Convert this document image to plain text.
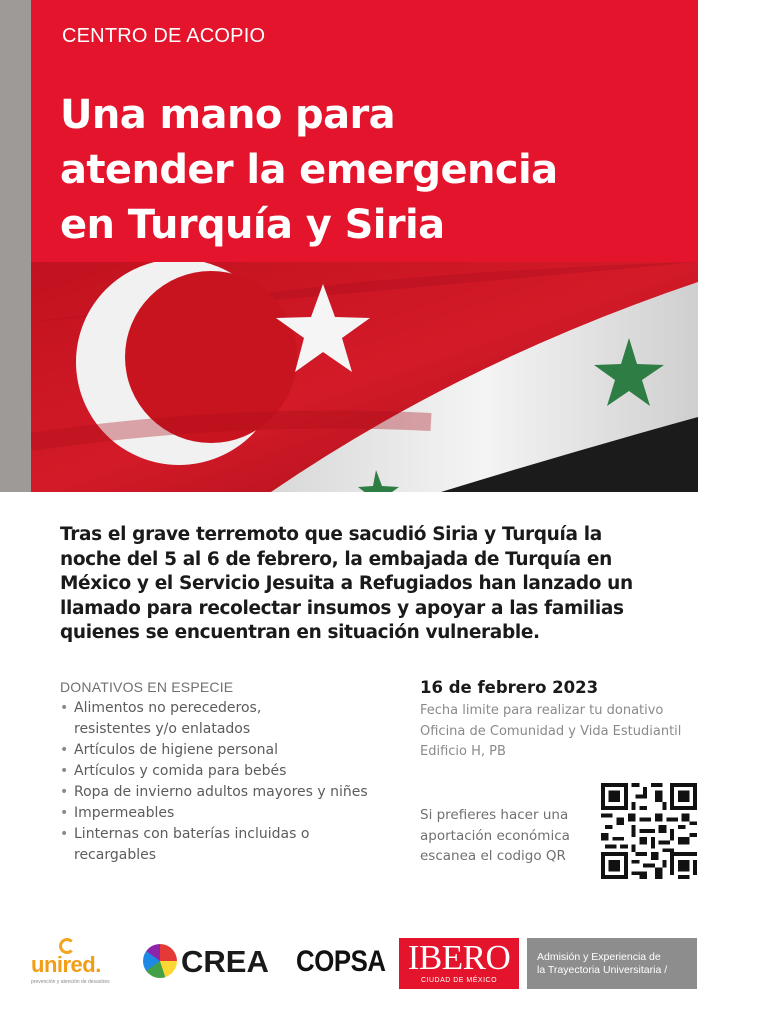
CENTRO DE ACOPIO
Una mano para
atender la emergencia
en Turquía y Siria
Tras el grave terremoto que sacudió Siria y Turquía la
noche del 5 al 6 de febrero, la embajada de Turquía en
México y el Servicio Jesuita a Refugiados han lanzado un
llamado para recolectar insumos y apoyar a las familias
quienes se encuentran en situación vulnerable.
DONATIVOS EN ESPECIE
• Alimentos no perecederos,
resistentes y/o enlatados
• Artículos de higiene personal
• Artículos y comida para bebés
• Ropa de invierno adultos mayores y niñes
• Impermeables
• Linternas con baterías incluidas o
recargables
16 de febrero 2023
Fecha limite para realizar tu donativo
Oficina de Comunidad y Vida Estudiantil
Edificio H, PB
Si prefieres hacer una
aportación económica
escanea el codigo QR
unired.
prevención y atención de desastres
CREA COPSA IBERO
CIUDAD DE MÉXICO
Admisión y Experiencia de
la Trayectoria Universitaria /
